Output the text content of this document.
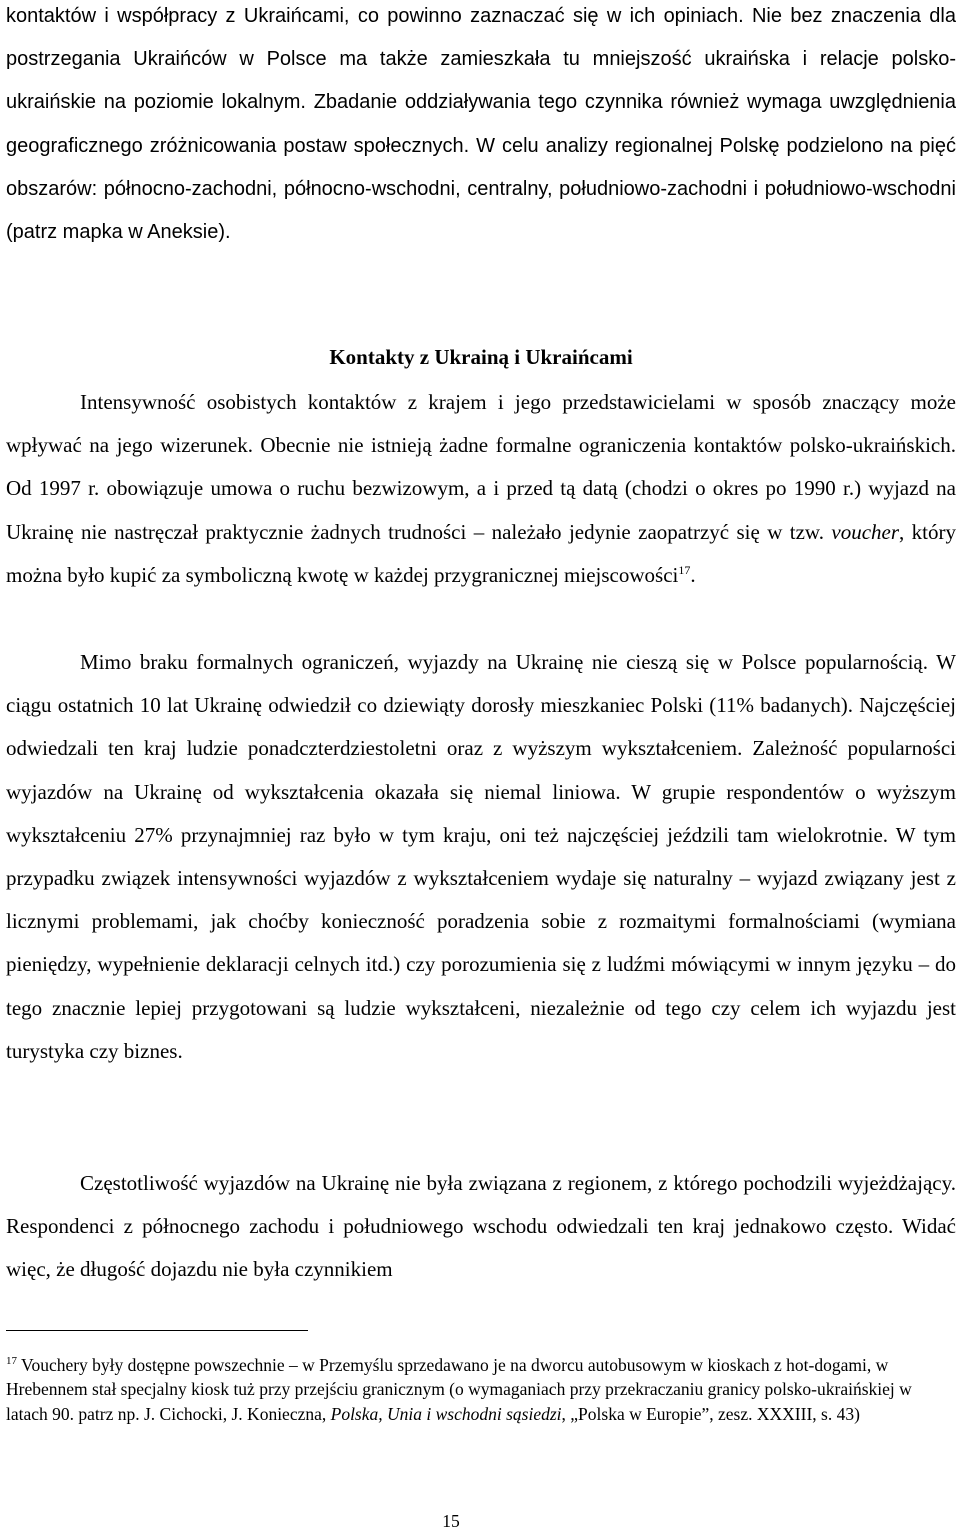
kontaktów i współpracy z Ukraińcami, co powinno zaznaczać się w ich opiniach. Nie bez znaczenia dla postrzegania Ukraińców w Polsce ma także zamieszkała tu mniejszość ukraińska i relacje polsko-ukraińskie na poziomie lokalnym. Zbadanie oddziaływania tego czynnika również wymaga uwzględnienia geograficznego zróżnicowania postaw społecznych. W celu analizy regionalnej Polskę podzielono na pięć obszarów: północno-zachodni, północno-wschodni, centralny, południowo-zachodni i południowo-wschodni (patrz mapka w Aneksie).

Kontakty z Ukrainą i Ukraińcami

Intensywność osobistych kontaktów z krajem i jego przedstawicielami w sposób znaczący może wpływać na jego wizerunek. Obecnie nie istnieją żadne formalne ograniczenia kontaktów polsko-ukraińskich. Od 1997 r. obowiązuje umowa o ruchu bezwizowym, a i przed tą datą (chodzi o okres po 1990 r.) wyjazd na Ukrainę nie nastręczał praktycznie żadnych trudności – należało jedynie zaopatrzyć się w tzw. voucher, który można było kupić za symboliczną kwotę w każdej przygranicznej miejscowości$^{17}$.

Mimo braku formalnych ograniczeń, wyjazdy na Ukrainę nie cieszą się w Polsce popularnością. W ciągu ostatnich 10 lat Ukrainę odwiedził co dziewiąty dorosły mieszkaniec Polski (11% badanych). Najczęściej odwiedzali ten kraj ludzie ponadczterdziestoletni oraz z wyższym wykształceniem. Zależność popularności wyjazdów na Ukrainę od wykształcenia okazała się niemal liniowa. W grupie respondentów o wyższym wykształceniu 27% przynajmniej raz było w tym kraju, oni też najczęściej jeździli tam wielokrotnie. W tym przypadku związek intensywności wyjazdów z wykształceniem wydaje się naturalny – wyjazd związany jest z licznymi problemami, jak choćby konieczność poradzenia sobie z rozmaitymi formalnościami (wymiana pieniędzy, wypełnienie deklaracji celnych itd.) czy porozumienia się z ludźmi mówiącymi w innym języku – do tego znacznie lepiej przygotowani są ludzie wykształceni, niezależnie od tego czy celem ich wyjazdu jest turystyka czy biznes.

Częstotliwość wyjazdów na Ukrainę nie była związana z regionem, z którego pochodzili wyjeżdżający. Respondenci z północnego zachodu i południowego wschodu odwiedzali ten kraj jednakowo często. Widać więc, że długość dojazdu nie była czynnikiem

$^{17}$ Vouchery były dostępne powszechnie – w Przemyślu sprzedawano je na dworcu autobusowym w kioskach z hot-dogami, w Hrebennem stał specjalny kiosk tuż przy przejściu granicznym (o wymaganiach przy przekraczaniu granicy polsko-ukraińskiej w latach 90. patrz np. J. Cichocki, J. Konieczna, Polska, Unia i wschodni sąsiedzi, „Polska w Europie”, zesz. XXXIII, s. 43)

15
